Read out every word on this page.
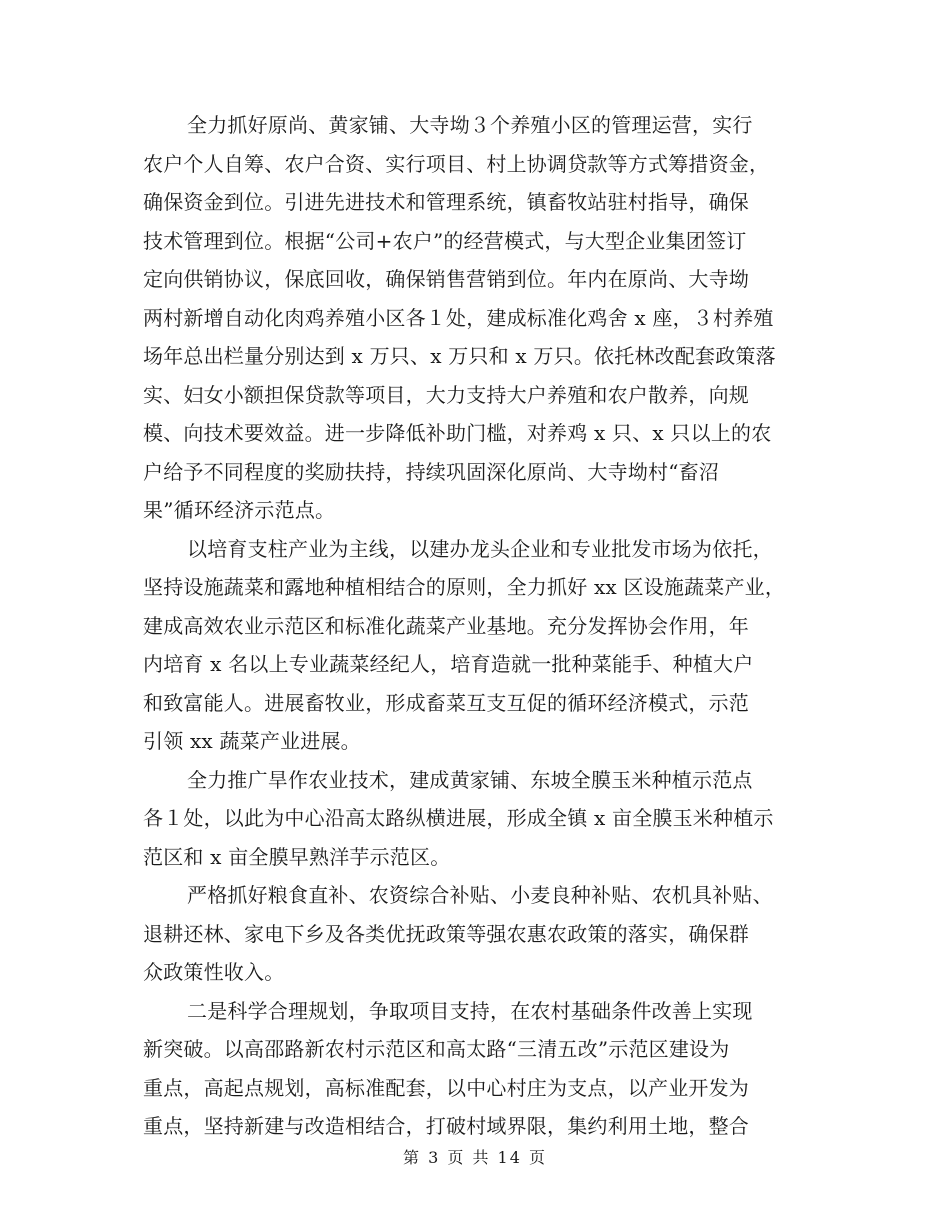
全力抓好原尚、黄家铺、大寺坳３个养殖小区的管理运营，实行
农户个人自筹、农户合资、实行项目、村上协调贷款等方式筹措资金，
确保资金到位。引进先进技术和管理系统，镇畜牧站驻村指导，确保
技术管理到位。根据“公司+农户”的经营模式，与大型企业集团签订
定向供销协议，保底回收，确保销售营销到位。年内在原尚、大寺坳
两村新增自动化肉鸡养殖小区各１处，建成标准化鸡舍 x 座，３村养殖
场年总出栏量分别达到 x 万只、x 万只和 x 万只。依托林改配套政策落
实、妇女小额担保贷款等项目，大力支持大户养殖和农户散养，向规
模、向技术要效益。进一步降低补助门槛，对养鸡 x 只、x 只以上的农
户给予不同程度的奖励扶持，持续巩固深化原尚、大寺坳村“畜沼
果”循环经济示范点。
以培育支柱产业为主线，以建办龙头企业和专业批发市场为依托，
坚持设施蔬菜和露地种植相结合的原则，全力抓好 xx 区设施蔬菜产业，
建成高效农业示范区和标准化蔬菜产业基地。充分发挥协会作用，年
内培育 x 名以上专业蔬菜经纪人，培育造就一批种菜能手、种植大户
和致富能人。进展畜牧业，形成畜菜互支互促的循环经济模式，示范
引领 xx 蔬菜产业进展。
全力推广旱作农业技术，建成黄家铺、东坡全膜玉米种植示范点
各１处，以此为中心沿高太路纵横进展，形成全镇 x 亩全膜玉米种植示
范区和 x 亩全膜早熟洋芋示范区。
严格抓好粮食直补、农资综合补贴、小麦良种补贴、农机具补贴、
退耕还林、家电下乡及各类优抚政策等强农惠农政策的落实，确保群
众政策性收入。
二是科学合理规划，争取项目支持，在农村基础条件改善上实现
新突破。以高邵路新农村示范区和高太路“三清五改”示范区建设为
重点，高起点规划，高标准配套，以中心村庄为支点，以产业开发为
重点，坚持新建与改造相结合，打破村域界限，集约利用土地，整合
第 3 页 共 14 页
